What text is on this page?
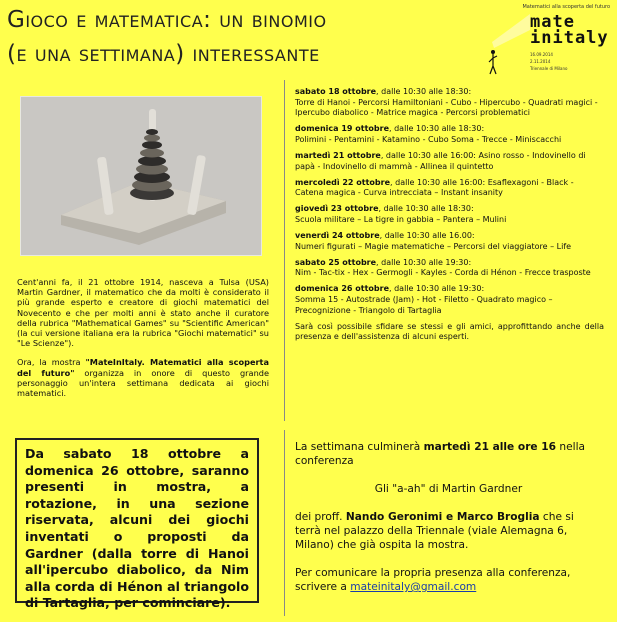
Gioco e matematica: un binomio
(e una settimana) interessante
Matematici alla scoperta del futuro
mate
initaly
16.09.2014
2.11.2014
Triennale di Milano

Cent'anni fa, il 21 ottobre 1914, nasceva a Tulsa (USA) Martin Gardner, il matematico che da molti è considerato il più grande esperto e creatore di giochi matematici del Novecento e che per molti anni è stato anche il curatore della rubrica "Mathematical Games" su "Scientific American" (la cui versione italiana era la rubrica "Giochi matematici" su "Le Scienze").

Ora, la mostra "MateInItaly. Matematici alla scoperta del futuro" organizza in onore di questo grande personaggio un'intera settimana dedicata ai giochi matematici.

Da sabato 18 ottobre a domenica 26 ottobre, saranno presenti in mostra, a rotazione, in una sezione riservata, alcuni dei giochi inventati o proposti da Gardner (dalla torre di Hanoi all'ipercubo diabolico, da Nim alla corda di Hénon al triangolo di Tartaglia, per cominciare).
sabato 18 ottobre, dalle 10:30 alle 18:30:
Torre di Hanoi - Percorsi Hamiltoniani - Cubo - Hipercubo - Quadrati magici - Ipercubo diabolico - Matrice magica - Percorsi problematici
domenica 19 ottobre, dalle 10:30 alle 18:30:
Polimini - Pentamini - Katamino - Cubo Soma - Trecce - Miniscacchi
martedì 21 ottobre, dalle 10:30 alle 16:00: Asino rosso - Indovinello di
papà - Indovinello di mammà - Allinea il quintetto
mercoledì 22 ottobre, dalle 10:30 alle 16:00: Esaflexagoni - Black -
Catena magica - Curva intrecciata – Instant insanity
giovedì 23 ottobre, dalle 10:30 alle 18:30:
Scuola militare – La tigre in gabbia – Pantera – Mulini
venerdì 24 ottobre, dalle 10:30 alle 16.00:
Numeri figurati – Magie matematiche – Percorsi del viaggiatore – Life
sabato 25 ottobre, dalle 10:30 alle 19:30:
Nim - Tac-tix - Hex - Germogli - Kayles - Corda di Hénon - Frecce trasposte
domenica 26 ottobre, dalle 10:30 alle 19:30:
Somma 15 - Autostrade (Jam) - Hot - Filetto - Quadrato magico – Precognizione - Triangolo di Tartaglia
Sarà così possibile sfidare se stessi e gli amici, approfittando anche della presenza e dell'assistenza di alcuni esperti.

La settimana culminerà martedì 21 alle ore 16 nella conferenza

Gli "a-ah" di Martin Gardner

dei proff. Nando Geronimi e Marco Broglia che si terrà nel palazzo della Triennale (viale Alemagna 6, Milano) che già ospita la mostra.

Per comunicare la propria presenza alla conferenza, scrivere a mateinitaly@gmail.com
